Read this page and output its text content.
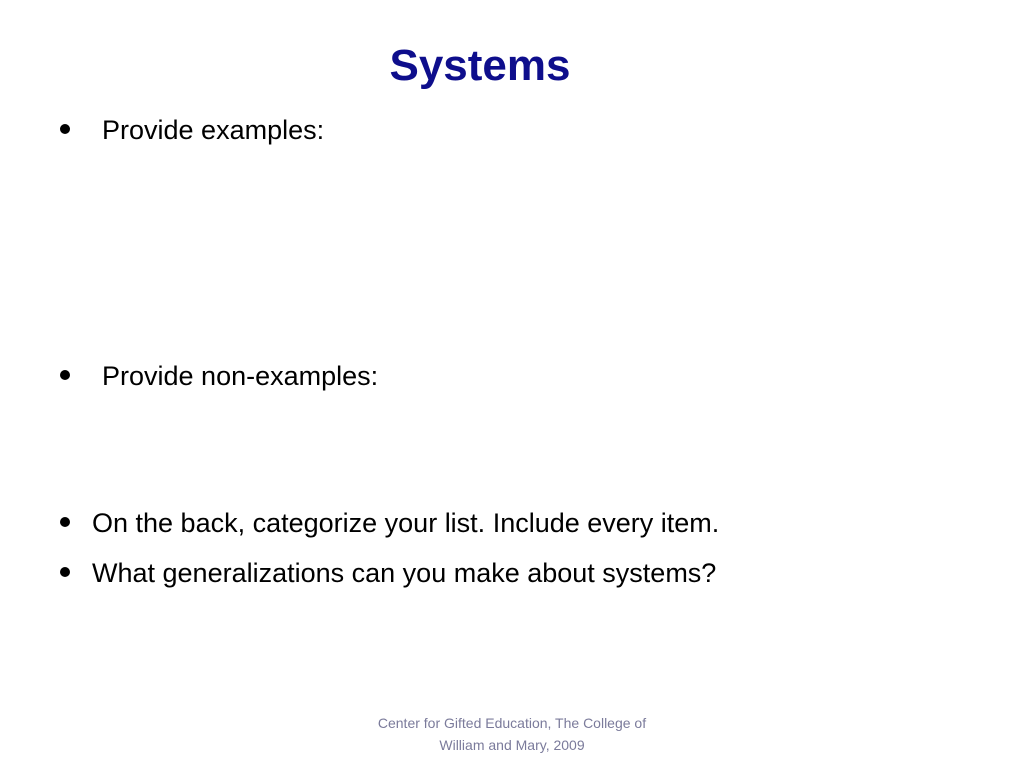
Systems
Provide examples:
Provide non-examples:
On the back, categorize your list. Include every item.
What generalizations can you make about systems?
Center for Gifted Education, The College of
William and Mary, 2009
